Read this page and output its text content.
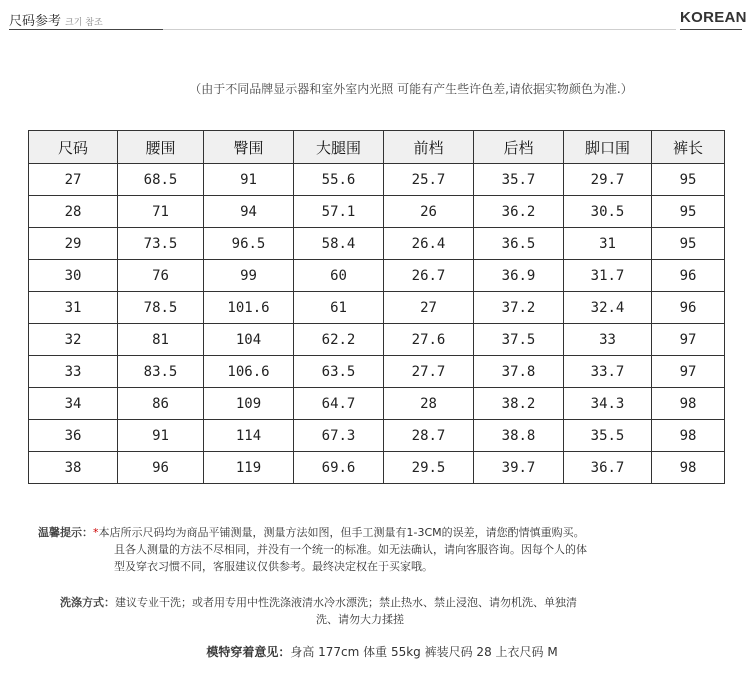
尺码参考 크기 참조	KOREAN
（由于不同品牌显示器和室外室内光照 可能有产生些许色差,请依据实物颜色为准.）
尺码	腰围	臀围	大腿围	前档	后档	脚口围	裤长
27	68.5	91	55.6	25.7	35.7	29.7	95
28	71	94	57.1	26	36.2	30.5	95
29	73.5	96.5	58.4	26.4	36.5	31	95
30	76	99	60	26.7	36.9	31.7	96
31	78.5	101.6	61	27	37.2	32.4	96
32	81	104	62.2	27.6	37.5	33	97
33	83.5	106.6	63.5	27.7	37.8	33.7	97
34	86	109	64.7	28	38.2	34.3	98
36	91	114	67.3	28.7	38.8	35.5	98
38	96	119	69.6	29.5	39.7	36.7	98
温馨提示：*本店所示尺码均为商品平铺测量，测量方法如图，但手工测量有1-3CM的误差，请您酌情慎重购买。
且各人测量的方法不尽相同，并没有一个统一的标准。如无法确认，请向客服咨询。因每个人的体
型及穿衣习惯不同，客服建议仅供参考。最终决定权在于买家哦。
洗涤方式：建议专业干洗；或者用专用中性洗涤液清水冷水漂洗；禁止热水、禁止浸泡、请勿机洗、单独清
洗、请勿大力揉搓
模特穿着意见：身高 177cm 体重 55kg 裤装尺码 28 上衣尺码 M
